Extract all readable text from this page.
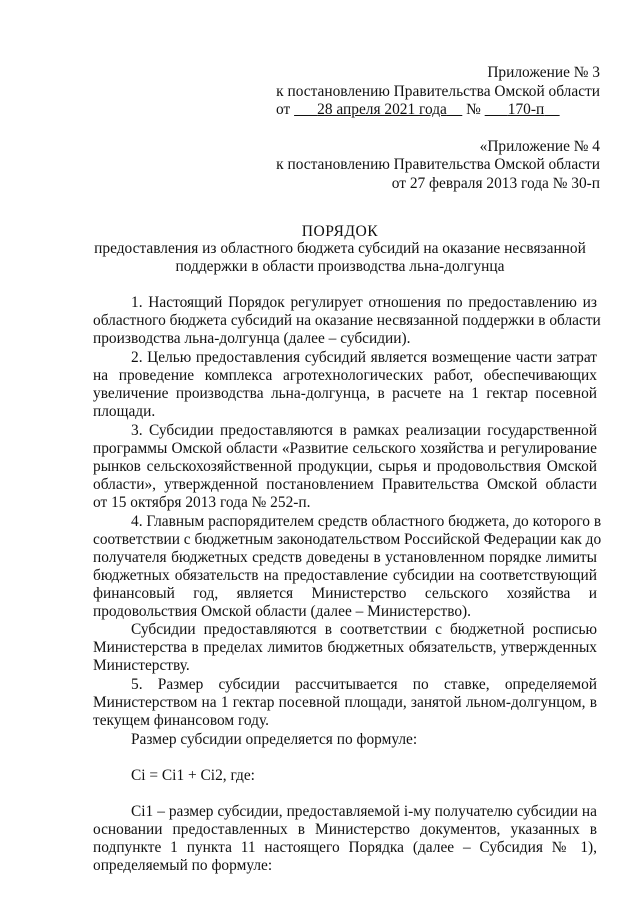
Приложение № 3
к постановлению Правительства Омской области
от 28 апреля 2021 года № 170-п
«Приложение № 4
к постановлению Правительства Омской области
от 27 февраля 2013 года № 30-п
ПОРЯДОК
предоставления из областного бюджета субсидий на оказание несвязанной
поддержки в области производства льна-долгунца
1. Настоящий Порядок регулирует отношения по предоставлению из
областного бюджета субсидий на оказание несвязанной поддержки в области
производства льна-долгунца (далее – субсидии).
2. Целью предоставления субсидий является возмещение части затрат
на проведение комплекса агротехнологических работ, обеспечивающих
увеличение производства льна-долгунца, в расчете на 1 гектар посевной
площади.
3. Субсидии предоставляются в рамках реализации государственной
программы Омской области «Развитие сельского хозяйства и регулирование
рынков сельскохозяйственной продукции, сырья и продовольствия Омской
области», утвержденной постановлением Правительства Омской области
от 15 октября 2013 года № 252-п.
4. Главным распорядителем средств областного бюджета, до которого в
соответствии с бюджетным законодательством Российской Федерации как до
получателя бюджетных средств доведены в установленном порядке лимиты
бюджетных обязательств на предоставление субсидии на соответствующий
финансовый год, является Министерство сельского хозяйства и
продовольствия Омской области (далее – Министерство).
Субсидии предоставляются в соответствии с бюджетной росписью
Министерства в пределах лимитов бюджетных обязательств, утвержденных
Министерству.
5. Размер субсидии рассчитывается по ставке, определяемой
Министерством на 1 гектар посевной площади, занятой льном-долгунцом, в
текущем финансовом году.
Размер субсидии определяется по формуле:
Ci = Ci1 + Ci2, где:
Ci1 – размер субсидии, предоставляемой i-му получателю субсидии на
основании предоставленных в Министерство документов, указанных в
подпункте 1 пункта 11 настоящего Порядка (далее – Субсидия № 1),
определяемый по формуле:
